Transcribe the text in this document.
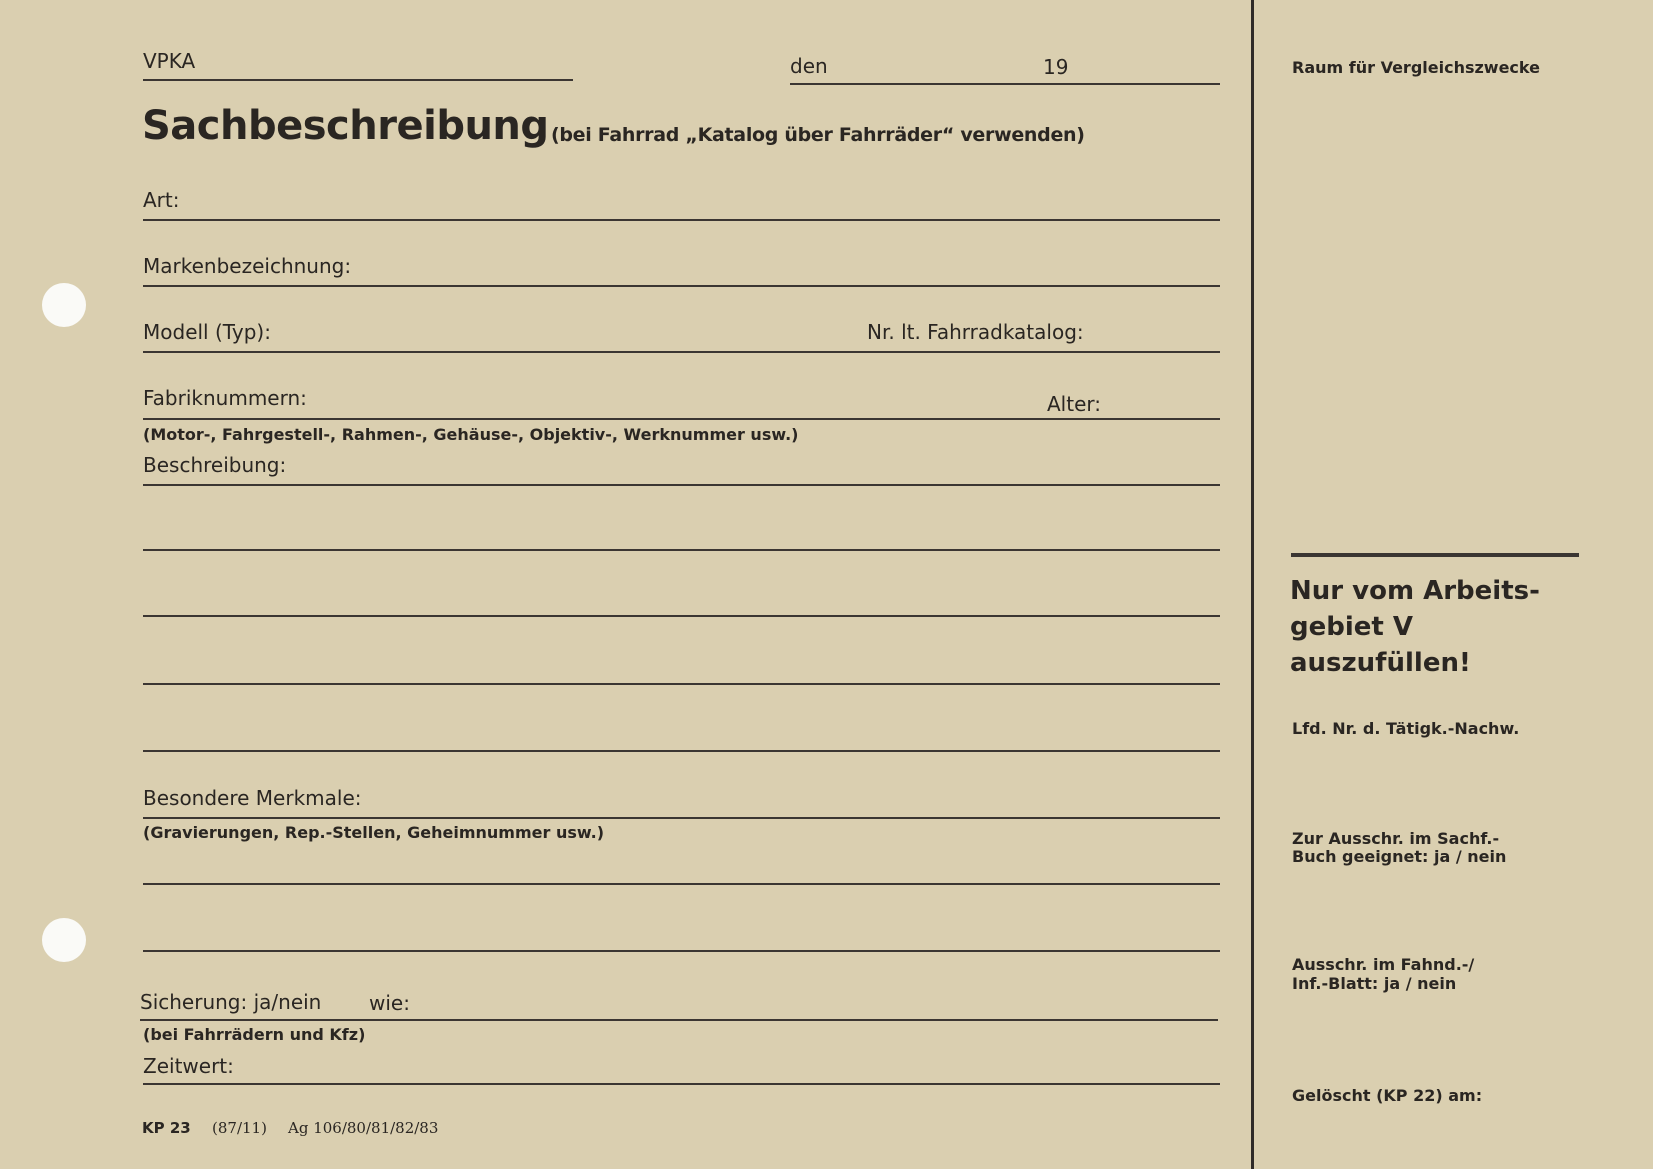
VPKA	den	19
Sachbeschreibung (bei Fahrrad „Katalog über Fahrräder“ verwenden)
Art:
Markenbezeichnung:
Modell (Typ):	Nr. lt. Fahrradkatalog:
Fabriknummern:	Alter:
(Motor-, Fahrgestell-, Rahmen-, Gehäuse-, Objektiv-, Werknummer usw.)
Beschreibung:
Besondere Merkmale:
(Gravierungen, Rep.-Stellen, Geheimnummer usw.)
Sicherung: ja/nein wie:
(bei Fahrrädern und Kfz)
Zeitwert:
KP 23 (87/11) Ag 106/80/81/82/83
Raum für Vergleichszwecke
Nur vom Arbeits-
gebiet V
auszufüllen!
Lfd. Nr. d. Tätigk.-Nachw.
Zur Ausschr. im Sachf.-
Buch geeignet: ja / nein
Ausschr. im Fahnd.-/
Inf.-Blatt: ja / nein
Gelöscht (KP 22) am:
